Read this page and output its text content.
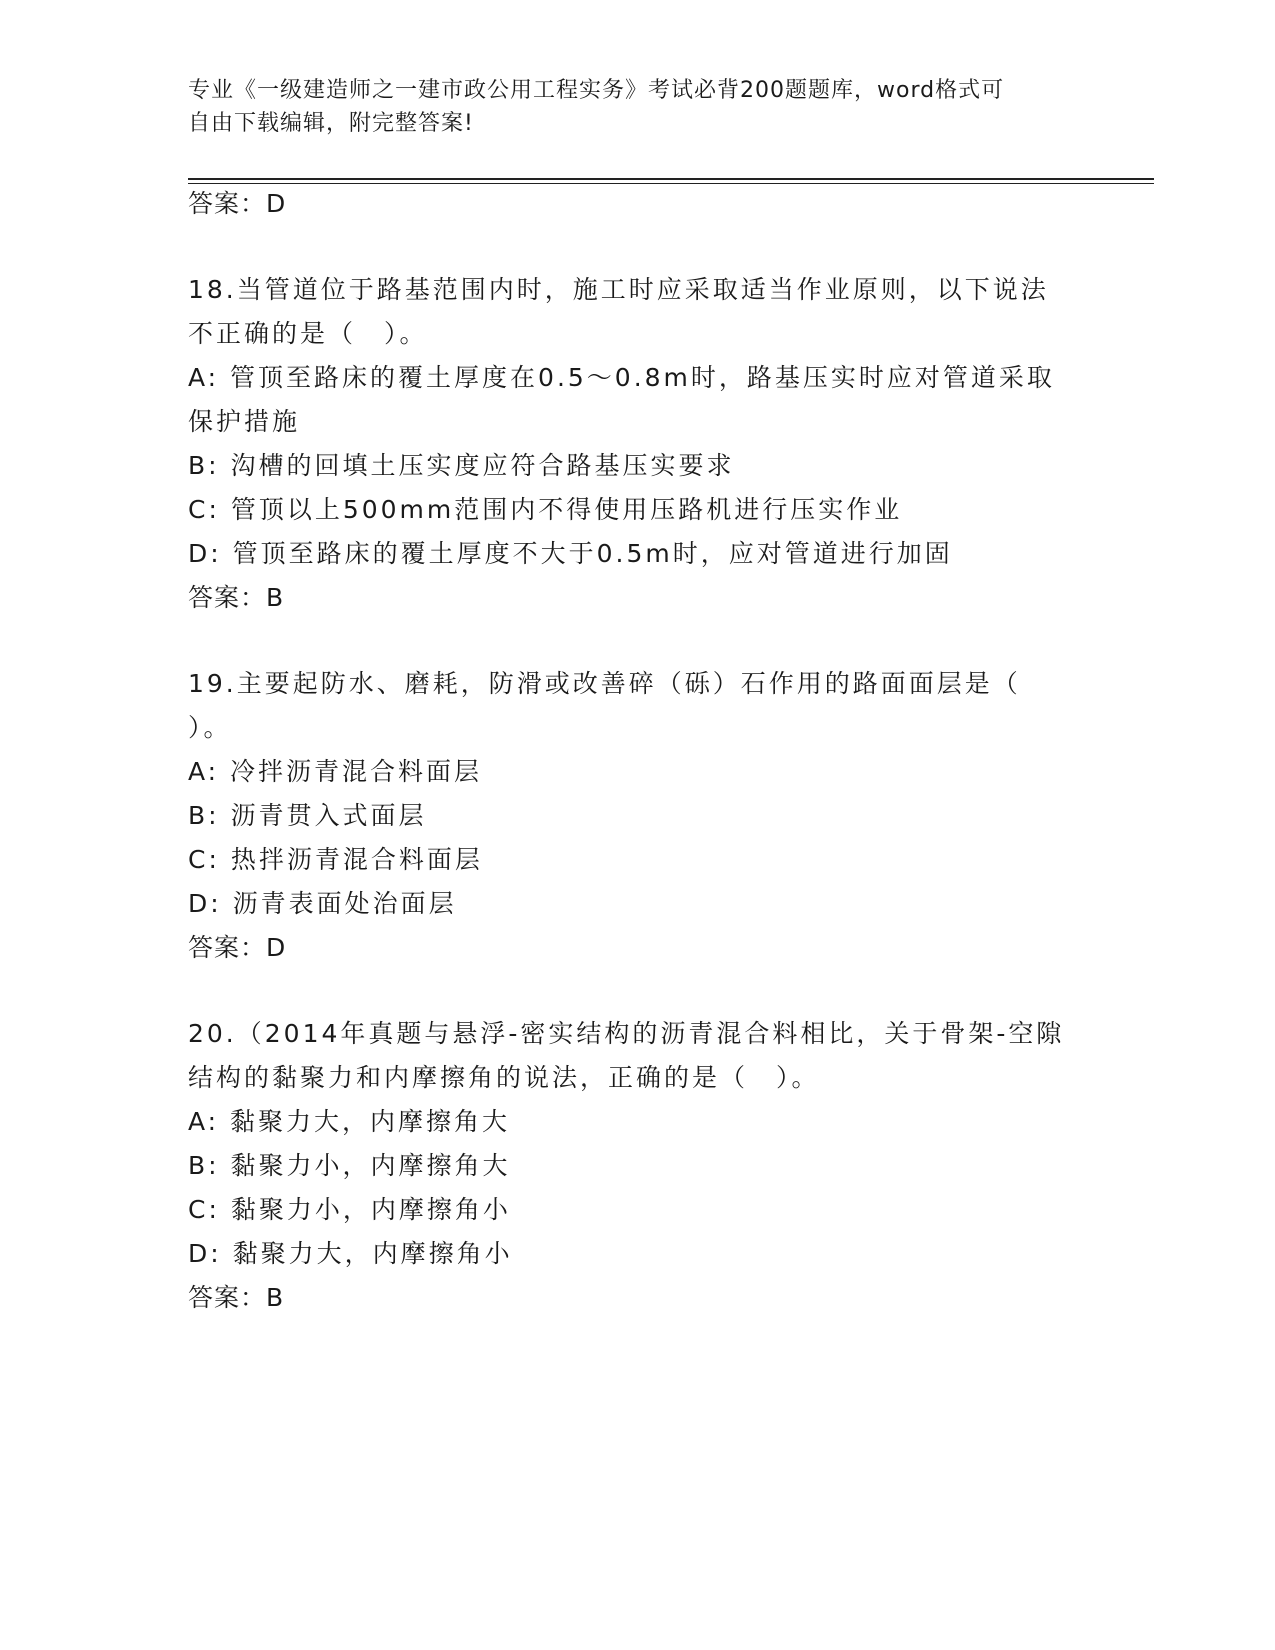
专业《一级建造师之一建市政公用工程实务》考试必背200题题库，word格式可
自由下载编辑，附完整答案!
答案：D
18.当管道位于路基范围内时，施工时应采取适当作业原则，以下说法
不正确的是（　）。
A: 管顶至路床的覆土厚度在0.5～0.8m时，路基压实时应对管道采取
保护措施
B: 沟槽的回填土压实度应符合路基压实要求
C: 管顶以上500mm范围内不得使用压路机进行压实作业
D: 管顶至路床的覆土厚度不大于0.5m时，应对管道进行加固
答案：B
19.主要起防水、磨耗，防滑或改善碎（砾）石作用的路面面层是（
）。
A: 冷拌沥青混合料面层
B: 沥青贯入式面层
C: 热拌沥青混合料面层
D: 沥青表面处治面层
答案：D
20.（2014年真题与悬浮-密实结构的沥青混合料相比，关于骨架-空隙
结构的黏聚力和内摩擦角的说法，正确的是（　）。
A: 黏聚力大，内摩擦角大
B: 黏聚力小，内摩擦角大
C: 黏聚力小，内摩擦角小
D: 黏聚力大，内摩擦角小
答案：B
